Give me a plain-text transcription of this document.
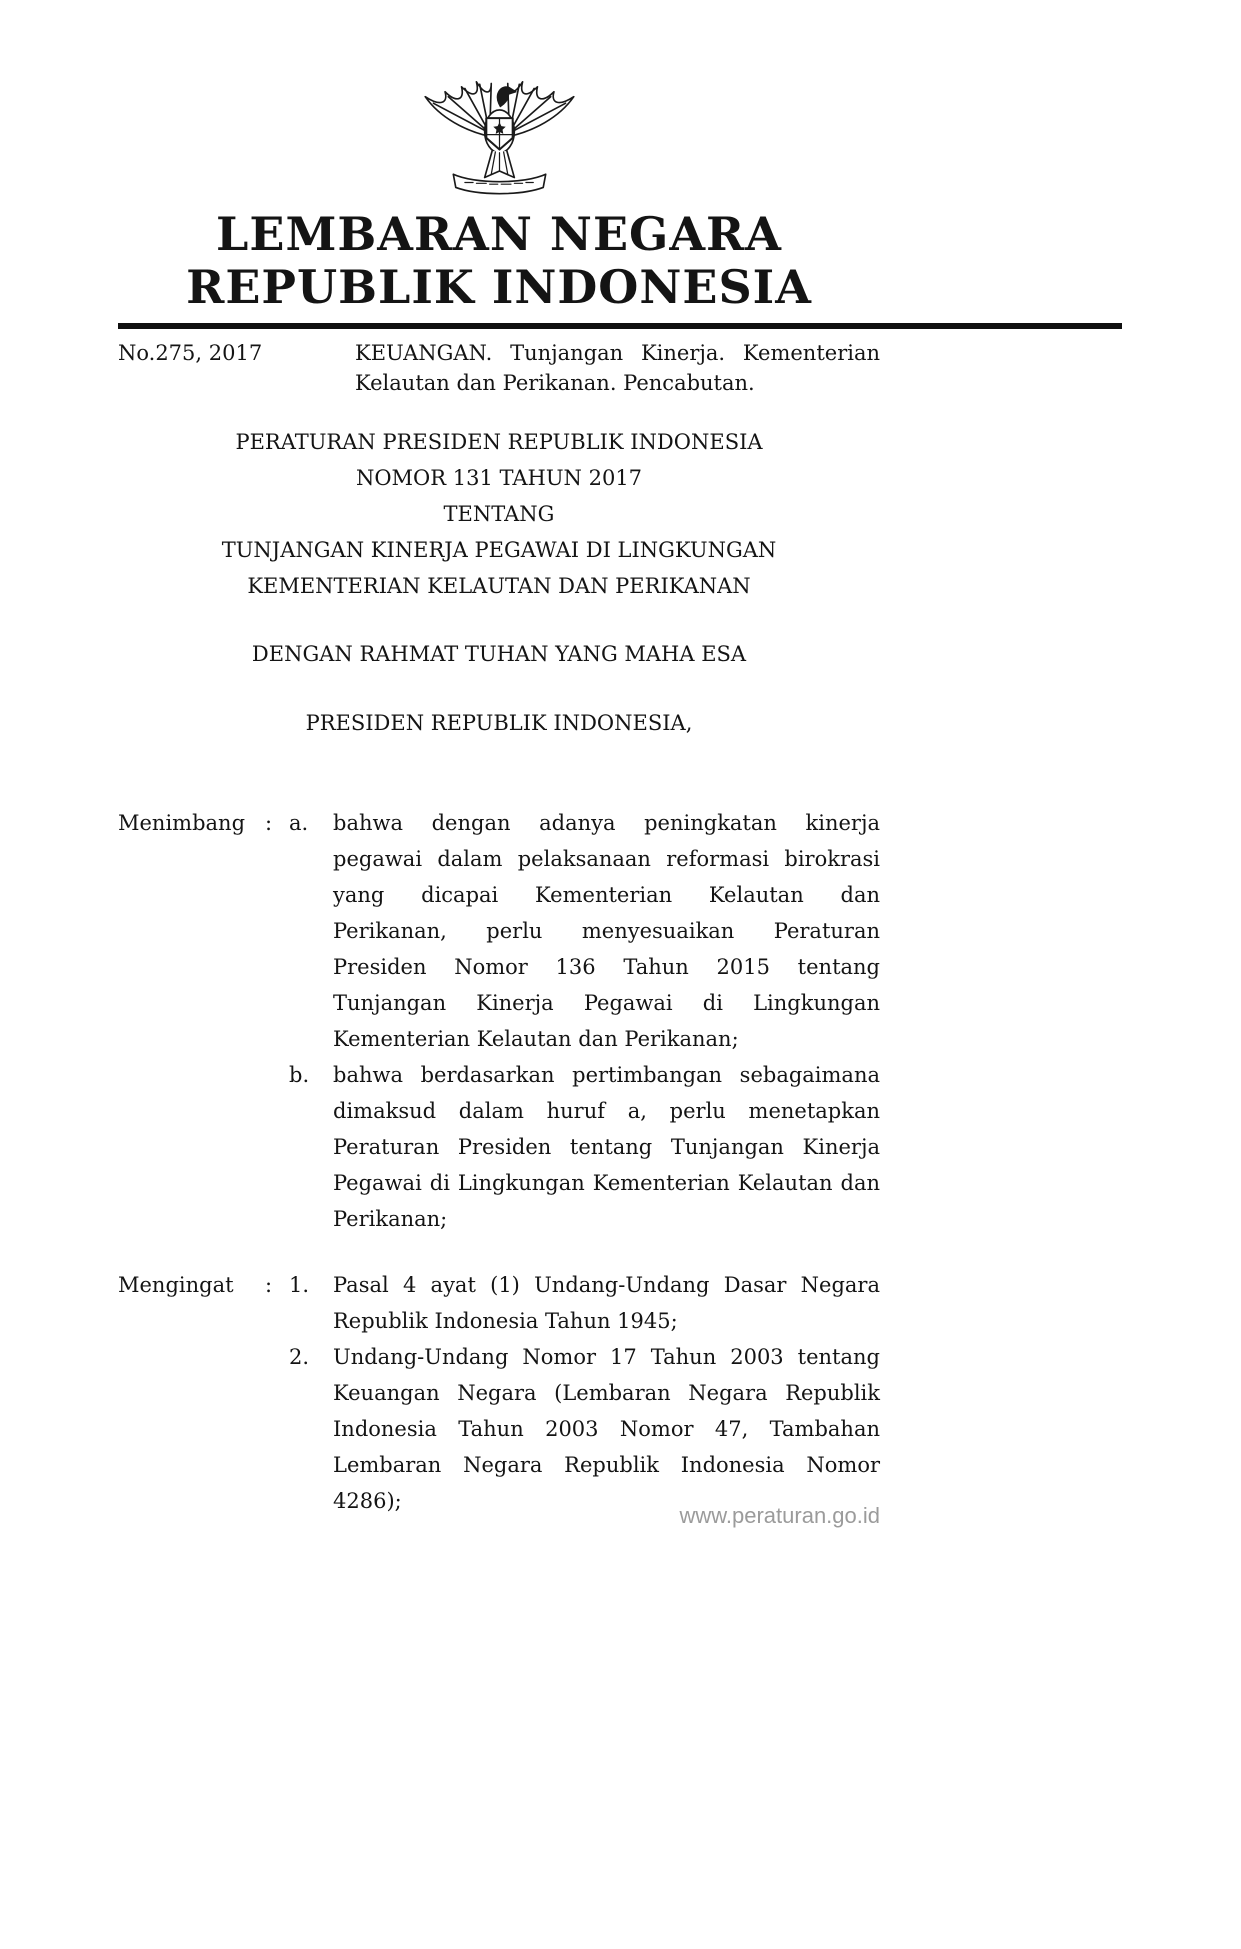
LEMBARAN NEGARA
REPUBLIK INDONESIA
No.275, 2017	KEUANGAN. Tunjangan Kinerja. Kementerian Kelautan dan Perikanan. Pencabutan.
PERATURAN PRESIDEN REPUBLIK INDONESIA
NOMOR 131 TAHUN 2017
TENTANG
TUNJANGAN KINERJA PEGAWAI DI LINGKUNGAN
KEMENTERIAN KELAUTAN DAN PERIKANAN
DENGAN RAHMAT TUHAN YANG MAHA ESA
PRESIDEN REPUBLIK INDONESIA,
Menimbang : a.	bahwa dengan adanya peningkatan kinerja pegawai dalam pelaksanaan reformasi birokrasi yang dicapai Kementerian Kelautan dan Perikanan, perlu menyesuaikan Peraturan Presiden Nomor 136 Tahun 2015 tentang Tunjangan Kinerja Pegawai di Lingkungan Kementerian Kelautan dan Perikanan;
b.	bahwa berdasarkan pertimbangan sebagaimana dimaksud dalam huruf a, perlu menetapkan Peraturan Presiden tentang Tunjangan Kinerja Pegawai di Lingkungan Kementerian Kelautan dan Perikanan;
Mengingat	: 1.	Pasal 4 ayat (1) Undang-Undang Dasar Negara Republik Indonesia Tahun 1945;
2.	Undang-Undang Nomor 17 Tahun 2003 tentang Keuangan Negara (Lembaran Negara Republik Indonesia Tahun 2003 Nomor 47, Tambahan Lembaran Negara Republik Indonesia Nomor 4286);
www.peraturan.go.id
